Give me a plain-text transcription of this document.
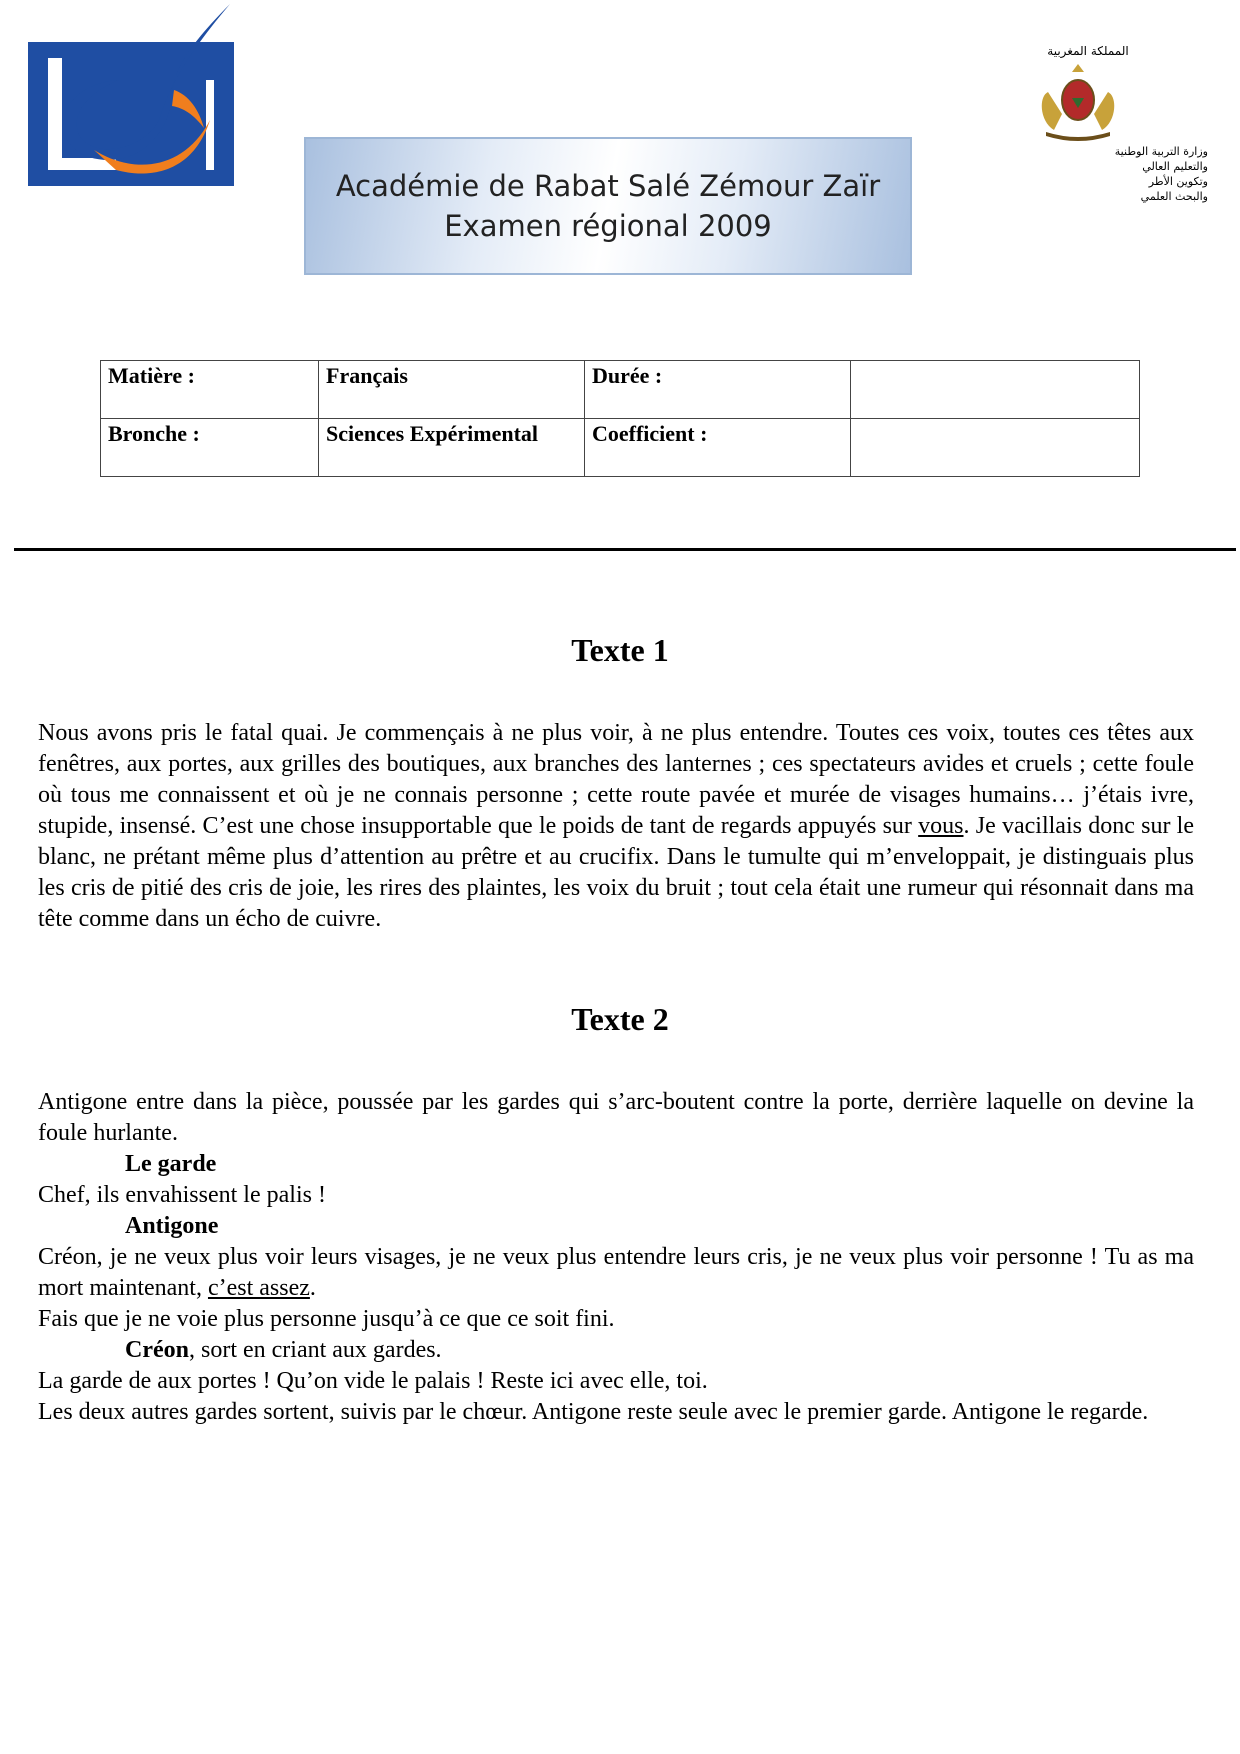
المملكة المغربية
وزارة التربية الوطنية
والتعليم العالي
وتكوين الأطر
والبحث العلمي
Académie de Rabat Salé Zémour Zaïr
Examen régional 2009
Matière :	Français	Durée :	
Bronche :	Sciences Expérimental	Coefficient :	
Texte 1
Nous avons pris le fatal quai. Je commençais à ne plus voir, à ne plus entendre. Toutes ces voix, toutes ces têtes aux fenêtres, aux portes, aux grilles des boutiques, aux branches des lanternes ; ces spectateurs avides et cruels ; cette foule où tous me connaissent et où je ne connais personne ; cette route pavée et murée de visages humains… j’étais ivre, stupide, insensé. C’est une chose insupportable que le poids de tant de regards appuyés sur vous. Je vacillais donc sur le blanc, ne prétant même plus d’attention au prêtre et au crucifix. Dans le tumulte qui m’enveloppait, je distinguais plus les cris de pitié des cris de joie, les rires des plaintes, les voix du bruit ; tout cela était une rumeur qui résonnait dans ma tête comme dans un écho de cuivre.
Texte 2
Antigone entre dans la pièce, poussée par les gardes qui s’arc-boutent contre la porte, derrière laquelle on devine la foule hurlante.
Le garde
Chef, ils envahissent le palis !
Antigone
Créon, je ne veux plus voir leurs visages, je ne veux plus entendre leurs cris, je ne veux plus voir personne ! Tu as ma mort maintenant, c’est assez.
Fais que je ne voie plus personne jusqu’à ce que ce soit fini.
Créon, sort en criant aux gardes.
La garde de aux portes ! Qu’on vide le palais ! Reste ici avec elle, toi.
Les deux autres gardes sortent, suivis par le chœur. Antigone reste seule avec le premier garde. Antigone le regarde.
